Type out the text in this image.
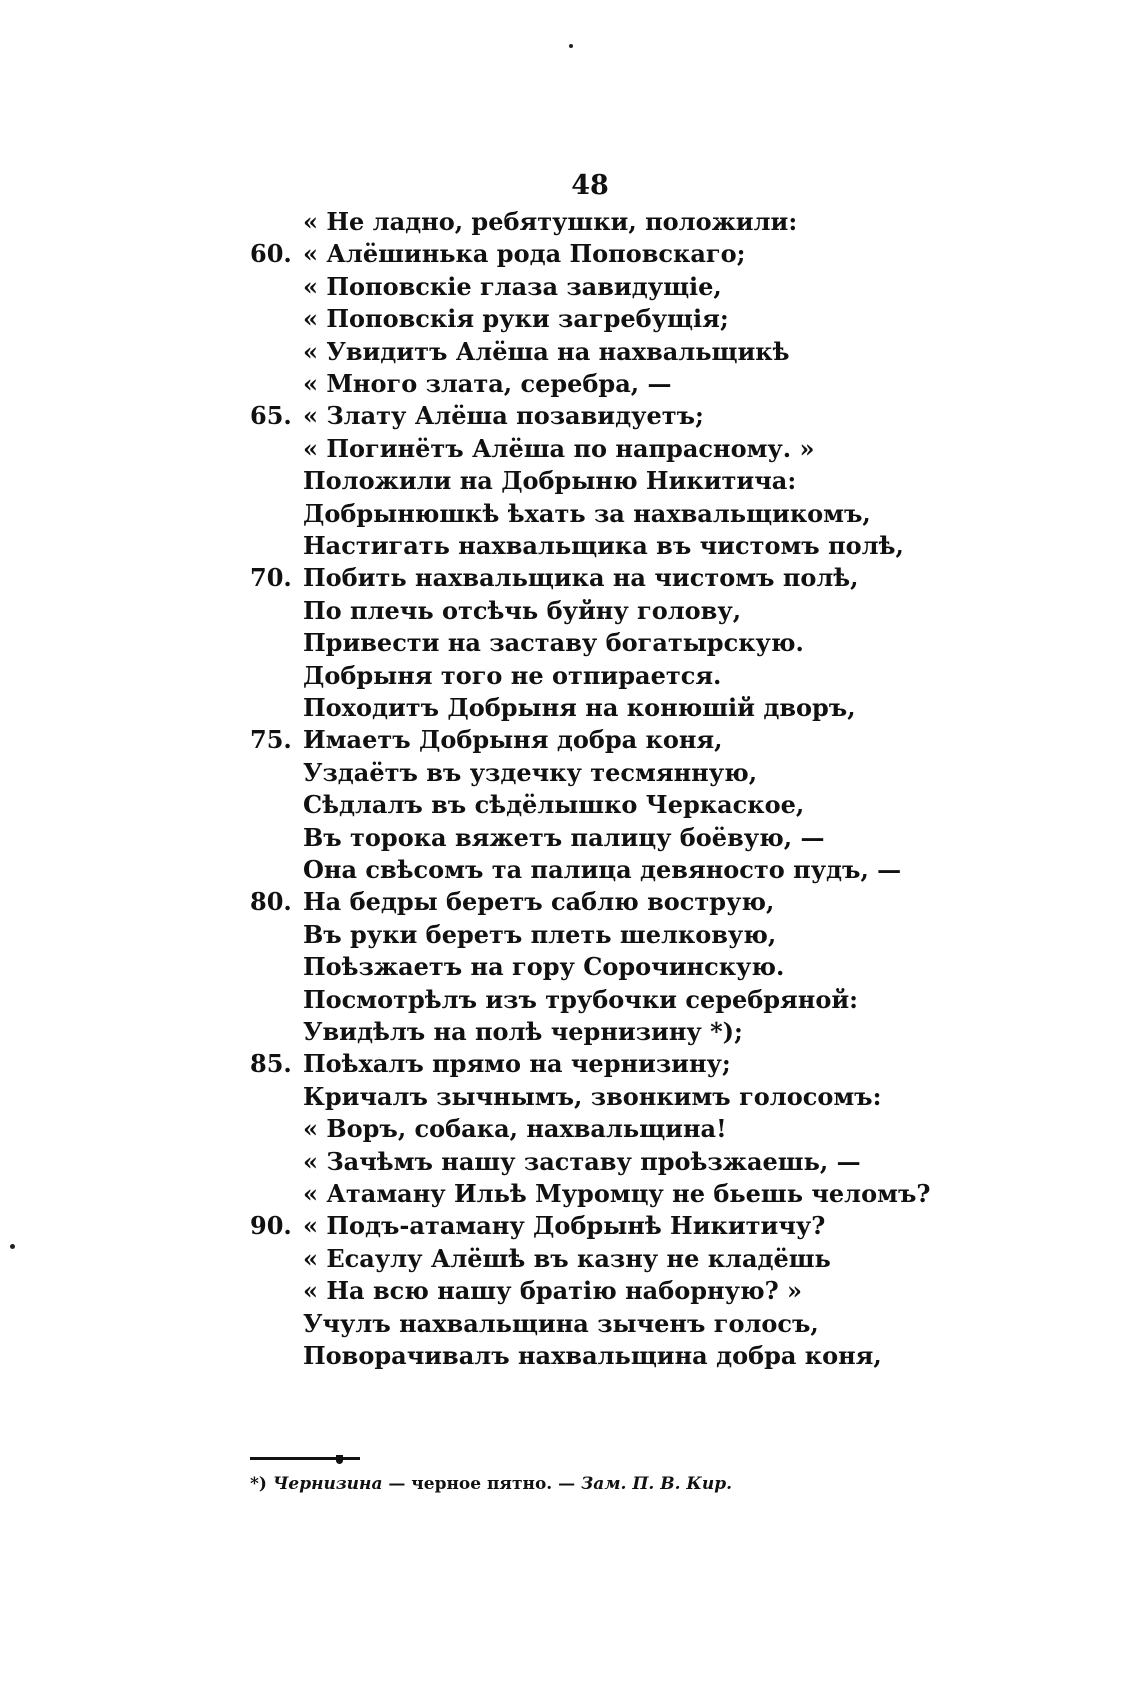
48
« Не ладно, ребятушки, положили:
60. « Алёшинька рода Поповскаго;
« Поповскіе глаза завидущіе,
« Поповскія руки загребущія;
« Увидитъ Алёша на нахвальщикѣ
« Много злата, серебра, —
65. « Злату Алёша позавидуетъ;
« Погинётъ Алёша по напрасному. »
Положили на Добрыню Никитича:
Добрынюшкѣ ѣхать за нахвальщикомъ,
Настигать нахвальщика въ чистомъ полѣ,
70. Побить нахвальщика на чистомъ полѣ,
По плечь отсѣчь буйну голову,
Привести на заставу богатырскую.
Добрыня того не отпирается.
Походитъ Добрыня на конюшій дворъ,
75. Имаетъ Добрыня добра коня,
Уздаётъ въ уздечку тесмянную,
Сѣдлалъ въ сѣдёлышко Черкаское,
Въ торока вяжетъ палицу боёвую, —
Она свѣсомъ та палица девяносто пудъ, —
80. На бедры беретъ саблю вострую,
Въ руки беретъ плеть шелковую,
Поѣзжаетъ на гору Сорочинскую.
Посмотрѣлъ изъ трубочки серебряной:
Увидѣлъ на полѣ чернизину *);
85. Поѣхалъ прямо на чернизину;
Кричалъ зычнымъ, звонкимъ голосомъ:
« Воръ, собака, нахвальщина!
« Зачѣмъ нашу заставу проѣзжаешь, —
« Атаману Ильѣ Муромцу не бьешь челомъ?
90. « Подъ-атаману Добрынѣ Никитичу?
« Есаулу Алёшѣ въ казну не кладёшь
« На всю нашу братію наборную? »
Учулъ нахвальщина зыченъ голосъ,
Поворачивалъ нахвальщина добра коня,
*) Чернизина — черное пятно. — Зам. П. В. Кир.
